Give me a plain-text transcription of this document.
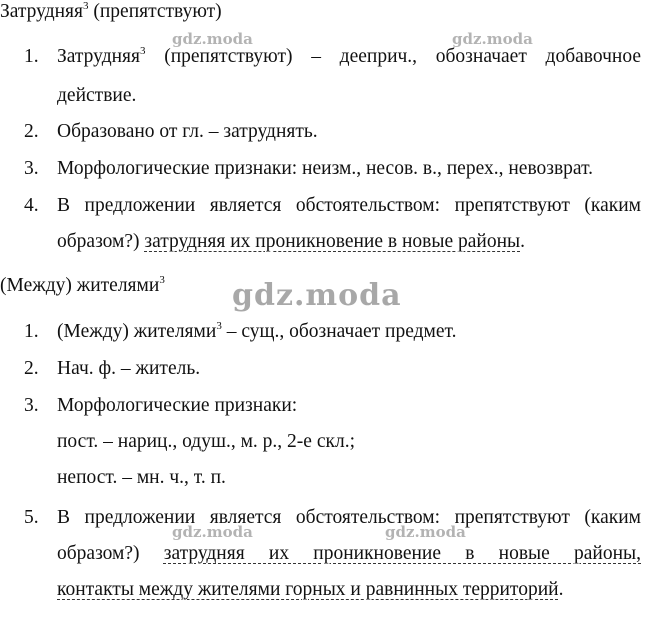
Затрудняя$^3$ (препятствуют)
1. Затрудняя$^3$ (препятствуют) – дееприч., обозначает добавочное
действие.
2. Образовано от гл. – затруднять.
3. Морфологические признаки: неизм., несов. в., перех., невозврат.
4. В предложении является обстоятельством: препятствуют (каким
образом?) затрудняя их проникновение в новые районы.
(Между) жителями$^3$
1. (Между) жителями$^3$ – сущ., обозначает предмет.
2. Нач. ф. – житель.
3. Морфологические признаки:
пост. – нариц., одуш., м. р., 2-е скл.;
непост. – мн. ч., т. п.
5. В предложении является обстоятельством: препятствуют (каким
образом?) затрудняя их проникновение в новые районы,
контакты между жителями горных и равнинных территорий.
gdz.moda	gdz.moda
gdz.moda
gdz.moda	gdz.moda
